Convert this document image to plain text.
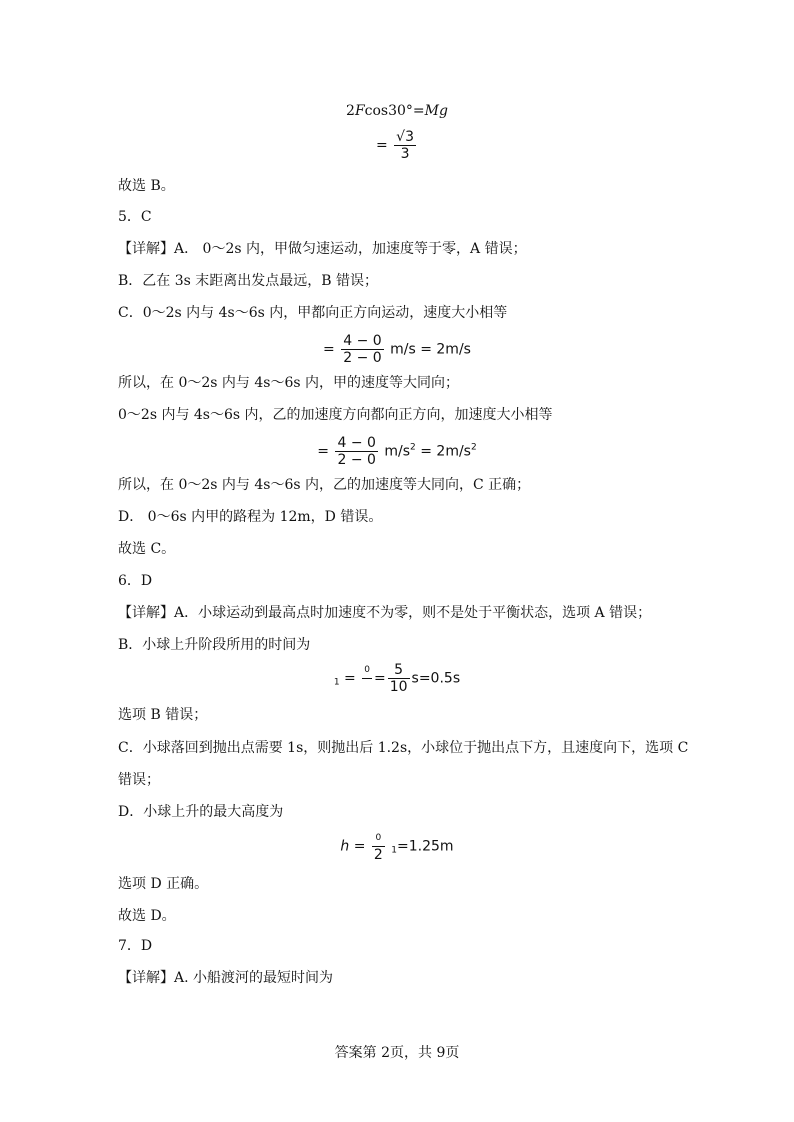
2Fcos30°=Mg
= $\frac{√3}{3}$
故选 B。
5．C
【详解】A． 0～2s 内，甲做匀速运动，加速度等于零，A 错误；
B．乙在 3s 末距离出发点最远，B 错误；
C．0～2s 内与 4s～6s 内，甲都向正方向运动，速度大小相等
= $\frac{4 - 0}{2 - 0} m/s = 2m/s$
所以，在 0～2s 内与 4s～6s 内，甲的速度等大同向；
0～2s 内与 4s～6s 内，乙的加速度方向都向正方向，加速度大小相等
= $\frac{4 - 0}{2 - 0} m/s^2 = 2m/s^2$
所以，在 0～2s 内与 4s～6s 内，乙的加速度等大同向，C 正确；
D． 0～6s 内甲的路程为 12m，D 错误。
故选 C。
6．D
【详解】A．小球运动到最高点时加速度不为零，则不是处于平衡状态，选项 A 错误；
B．小球上升阶段所用的时间为
$_1$ =
0

= $\frac{5}{10} s=0.5s$
选项 B 错误；
C．小球落回到抛出点需要 1s，则抛出后 1.2s，小球位于抛出点下方，且速度向下，选项 C
错误；
D．小球上升的最大高度为
$h = \frac{0}{2} _1=1.25m$
选项 D 正确。
故选 D。
7．D
【详解】A. 小船渡河的最短时间为
答案第 2页，共 9页
